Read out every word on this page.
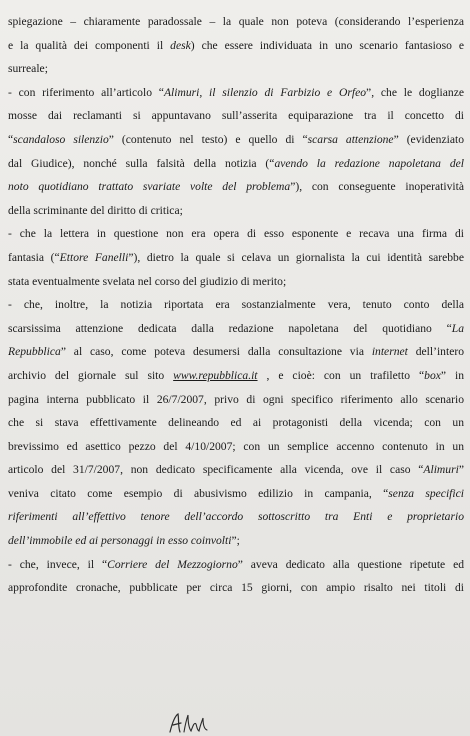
spiegazione – chiaramente paradossale – la quale non poteva (considerando l’esperienza
e la qualità dei componenti il desk) che essere individuata in uno scenario fantasioso e
surreale;
- con riferimento all’articolo “Alimuri, il silenzio di Farbizio e Orfeo”, che le doglianze
mosse dai reclamanti si appuntavano sull’asserita equiparazione tra il concetto di
“scandaloso silenzio” (contenuto nel testo) e quello di “scarsa attenzione” (evidenziato
dal Giudice), nonché sulla falsità della notizia (“avendo la redazione napoletana del
noto quotidiano trattato svariate volte del problema”), con conseguente inoperatività
della scriminante del diritto di critica;
- che la lettera in questione non era opera di esso esponente e recava una firma di
fantasia (“Ettore Fanelli”), dietro la quale si celava un giornalista la cui identità sarebbe
stata eventualmente svelata nel corso del giudizio di merito;
- che, inoltre, la notizia riportata era sostanzialmente vera, tenuto conto della
scarsissima attenzione dedicata dalla redazione napoletana del quotidiano “La
Repubblica” al caso, come poteva desumersi dalla consultazione via internet dell’intero
archivio del giornale sul sito www.repubblica.it , e cioè: con un trafiletto “box” in
pagina interna pubblicato il 26/7/2007, privo di ogni specifico riferimento allo scenario
che si stava effettivamente delineando ed ai protagonisti della vicenda; con un
brevissimo ed asettico pezzo del 4/10/2007; con un semplice accenno contenuto in un
articolo del 31/7/2007, non dedicato specificamente alla vicenda, ove il caso “Alimuri”
veniva citato come esempio di abusivismo edilizio in campania, “senza specifici
riferimenti all’effettivo tenore dell’accordo sottoscritto tra Enti e proprietario
dell’immobile ed ai personaggi in esso coinvolti”;
- che, invece, il “Corriere del Mezzogiorno” aveva dedicato alla questione ripetute ed
approfondite cronache, pubblicate per circa 15 giorni, con ampio risalto nei titoli di
